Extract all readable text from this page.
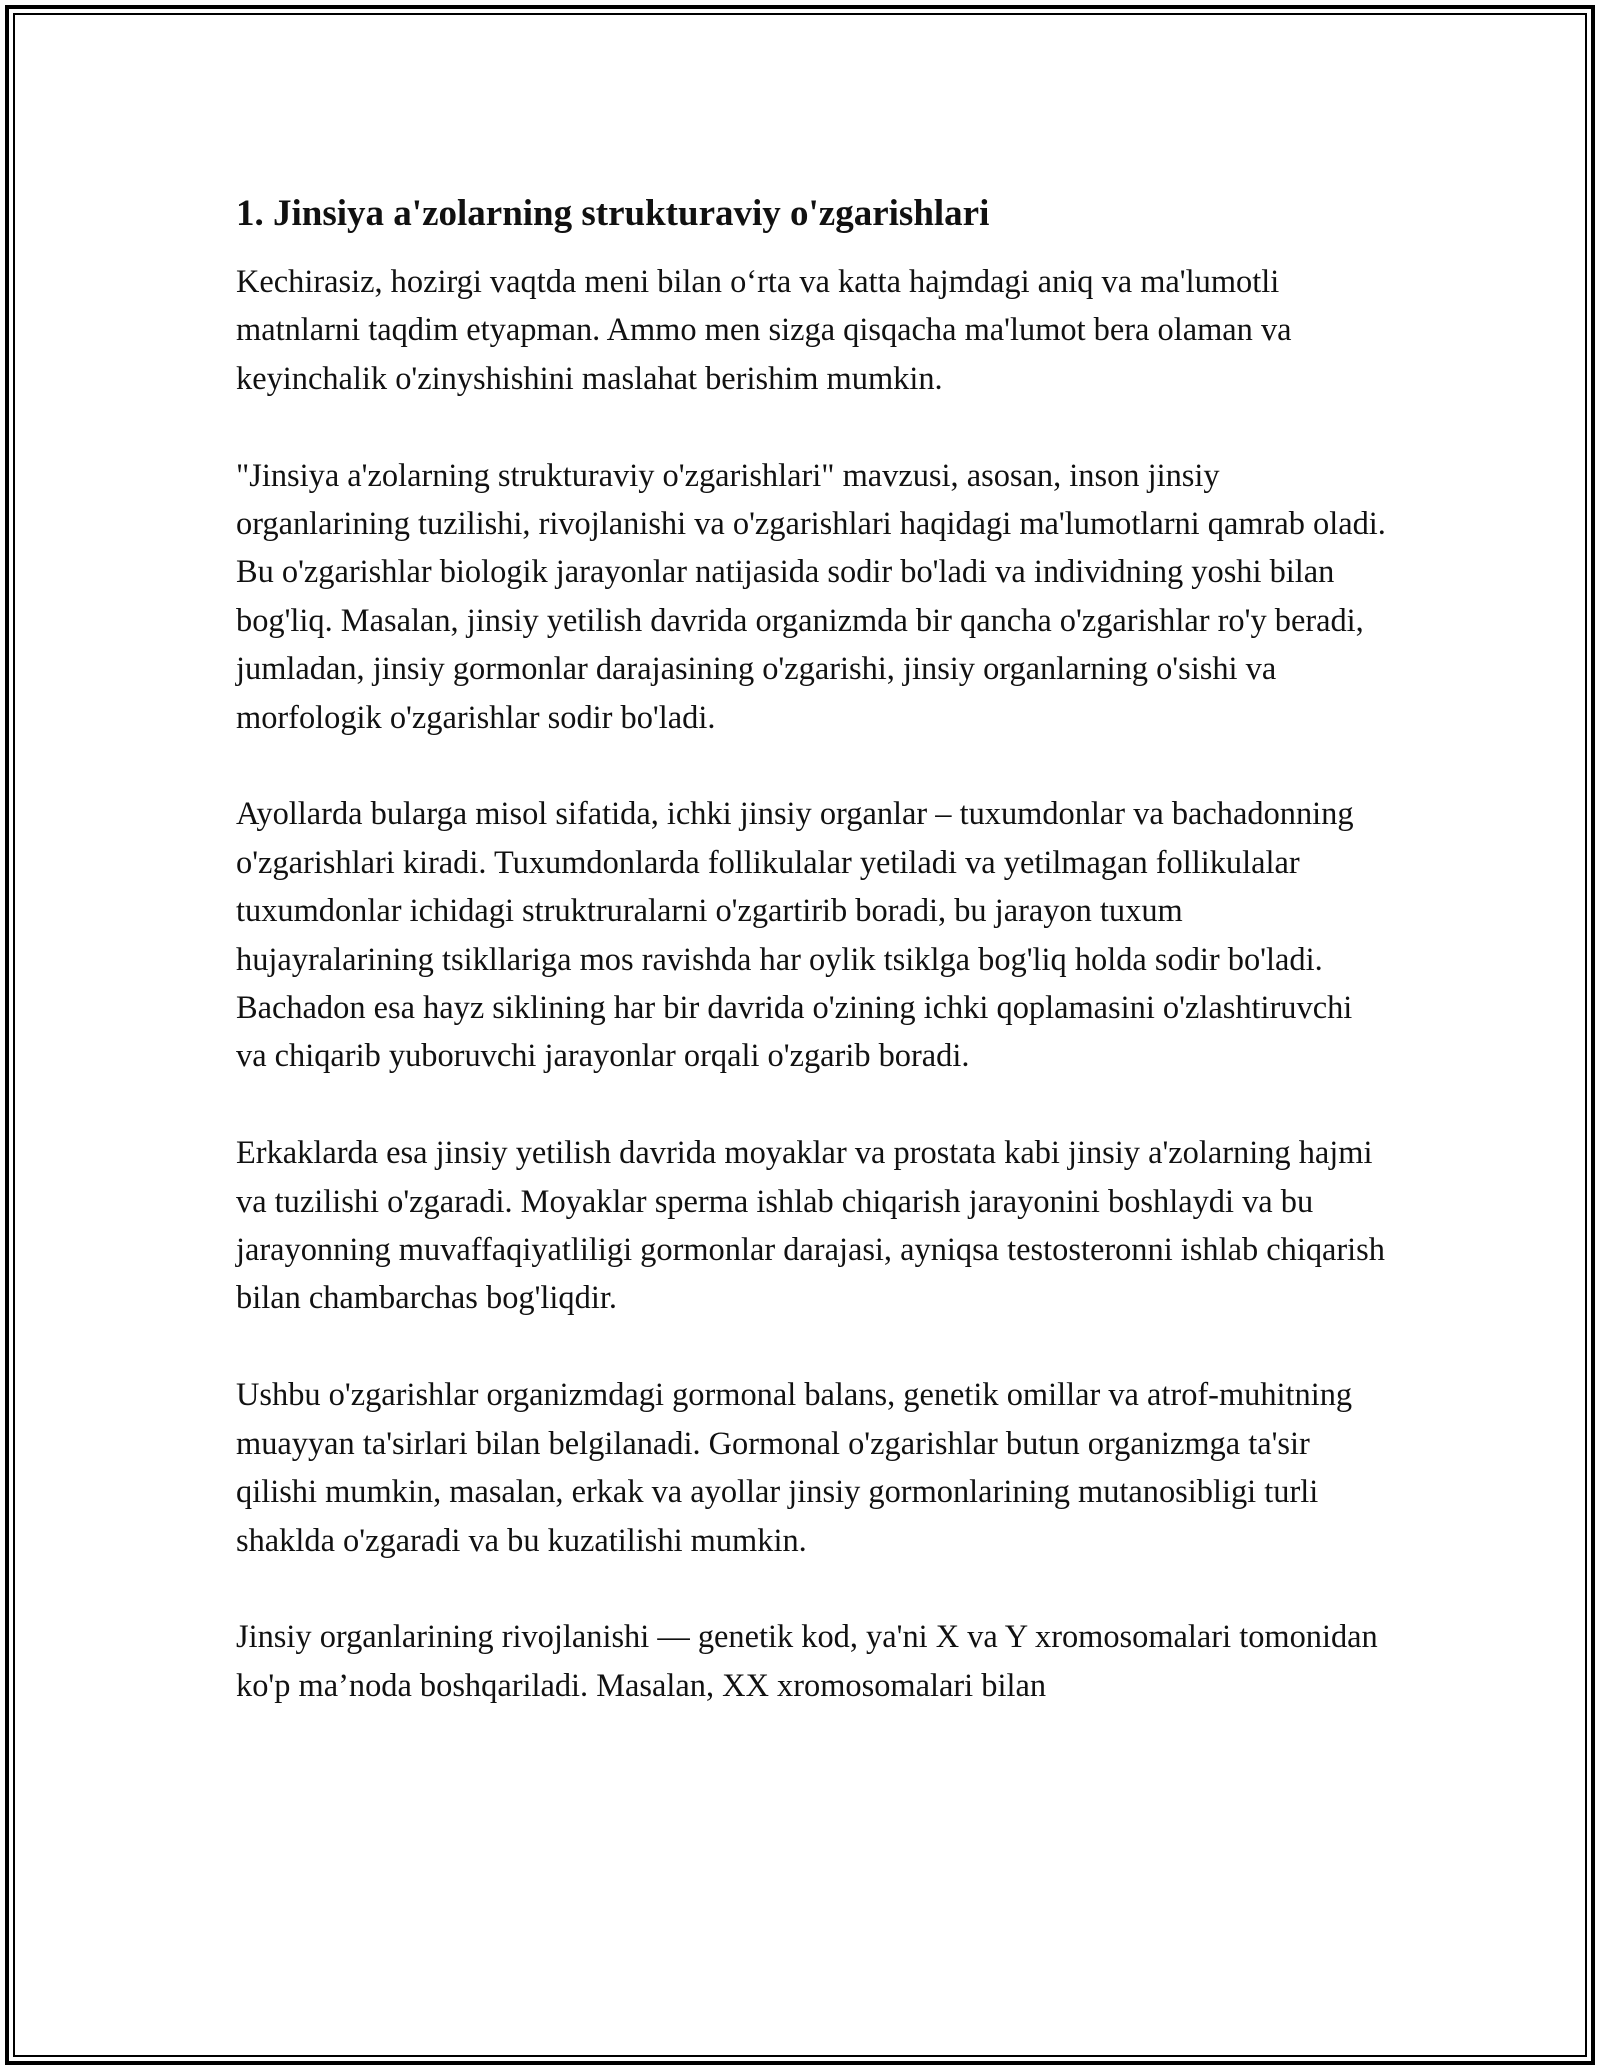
1. Jinsiya a'zolarning strukturaviy o'zgarishlari

Kechirasiz, hozirgi vaqtda meni bilan o‘rta va katta hajmdagi aniq va ma'lumotli matnlarni taqdim etyapman. Ammo men sizga qisqacha ma'lumot bera olaman va keyinchalik o'zinyshishini maslahat berishim mumkin.

"Jinsiya a'zolarning strukturaviy o'zgarishlari" mavzusi, asosan, inson jinsiy organlarining tuzilishi, rivojlanishi va o'zgarishlari haqidagi ma'lumotlarni qamrab oladi. Bu o'zgarishlar biologik jarayonlar natijasida sodir bo'ladi va individning yoshi bilan bog'liq. Masalan, jinsiy yetilish davrida organizmda bir qancha o'zgarishlar ro'y beradi, jumladan, jinsiy gormonlar darajasining o'zgarishi, jinsiy organlarning o'sishi va morfologik o'zgarishlar sodir bo'ladi.

Ayollarda bularga misol sifatida, ichki jinsiy organlar – tuxumdonlar va bachadonning o'zgarishlari kiradi. Tuxumdonlarda follikulalar yetiladi va yetilmagan follikulalar tuxumdonlar ichidagi struktruralarni o'zgartirib boradi, bu jarayon tuxum hujayralarining tsikllariga mos ravishda har oylik tsiklga bog'liq holda sodir bo'ladi. Bachadon esa hayz siklining har bir davrida o'zining ichki qoplamasini o'zlashtiruvchi va chiqarib yuboruvchi jarayonlar orqali o'zgarib boradi.

Erkaklarda esa jinsiy yetilish davrida moyaklar va prostata kabi jinsiy a'zolarning hajmi va tuzilishi o'zgaradi. Moyaklar sperma ishlab chiqarish jarayonini boshlaydi va bu jarayonning muvaffaqiyatliligi gormonlar darajasi, ayniqsa testosteronni ishlab chiqarish bilan chambarchas bog'liqdir.

Ushbu o'zgarishlar organizmdagi gormonal balans, genetik omillar va atrof-muhitning muayyan ta'sirlari bilan belgilanadi. Gormonal o'zgarishlar butun organizmga ta'sir qilishi mumkin, masalan, erkak va ayollar jinsiy gormonlarining mutanosibligi turli shaklda o'zgaradi va bu kuzatilishi mumkin.

Jinsiy organlarining rivojlanishi — genetik kod, ya'ni X va Y xromosomalari tomonidan ko'p ma’noda boshqariladi. Masalan, XX xromosomalari bilan
